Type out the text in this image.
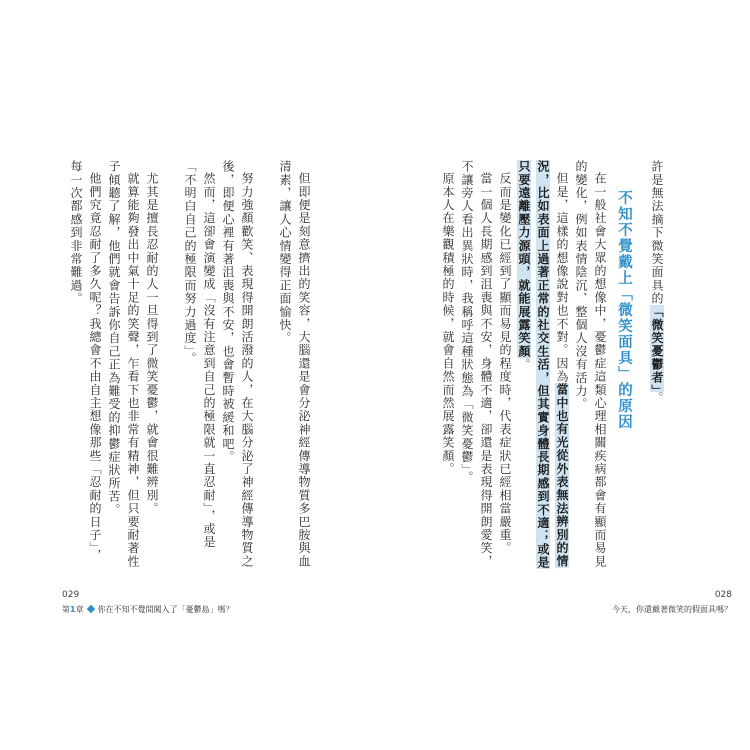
許是無法摘下微笑面具的「微笑憂鬱者」。
在一般社會大眾的想像中，憂鬱症這類心理相關疾病都會有顯而易見的變化，例如表情陰沉、整個人沒有活力。
但是，這樣的想像說對也不對。因為當中也有光從外表無法辨別的情況，比如表面上過著正常的社交生活，但其實身體長期感到不適；或是只要遠離壓力源頭，就能展露笑顏。
反而是變化已經到了顯而易見的程度時，代表症狀已經相當嚴重。
當一個人長期感到沮喪與不安，身體不適，卻還是表現得開朗愛笑，不讓旁人看出異狀時，我稱呼這種狀態為「微笑憂鬱」。
原本人在樂觀積極的時候，就會自然而然展露笑顏。	不知不覺戴上「微笑面具」的原因
028
今天，你還戴著微笑的假面具嗎？
但即便是刻意擠出的笑容，大腦還是會分泌神經傳導物質多巴胺與血清素，讓人心情變得正面愉快。
努力強顏歡笑、表現得開朗活潑的人，在大腦分泌了神經傳導物質之後，即便心裡有著沮喪與不安，也會暫時被緩和吧。
然而，這卻會演變成「沒有注意到自己的極限就一直忍耐」，或是「不明白自己的極限而努力過度」。
尤其是擅長忍耐的人一旦得到了微笑憂鬱，就會很難辨別。
就算能夠發出中氣十足的笑聲，乍看下也非常有精神，但只要耐著性子傾聽了解，他們就會告訴你自己正為難受的抑鬱症狀所苦。
他們究竟忍耐了多久呢？我總會不由自主想像那些「忍耐的日子」，每一次都感到非常難過。
029
第1章 你在不知不覺間闖入了「憂鬱島」嗎？
